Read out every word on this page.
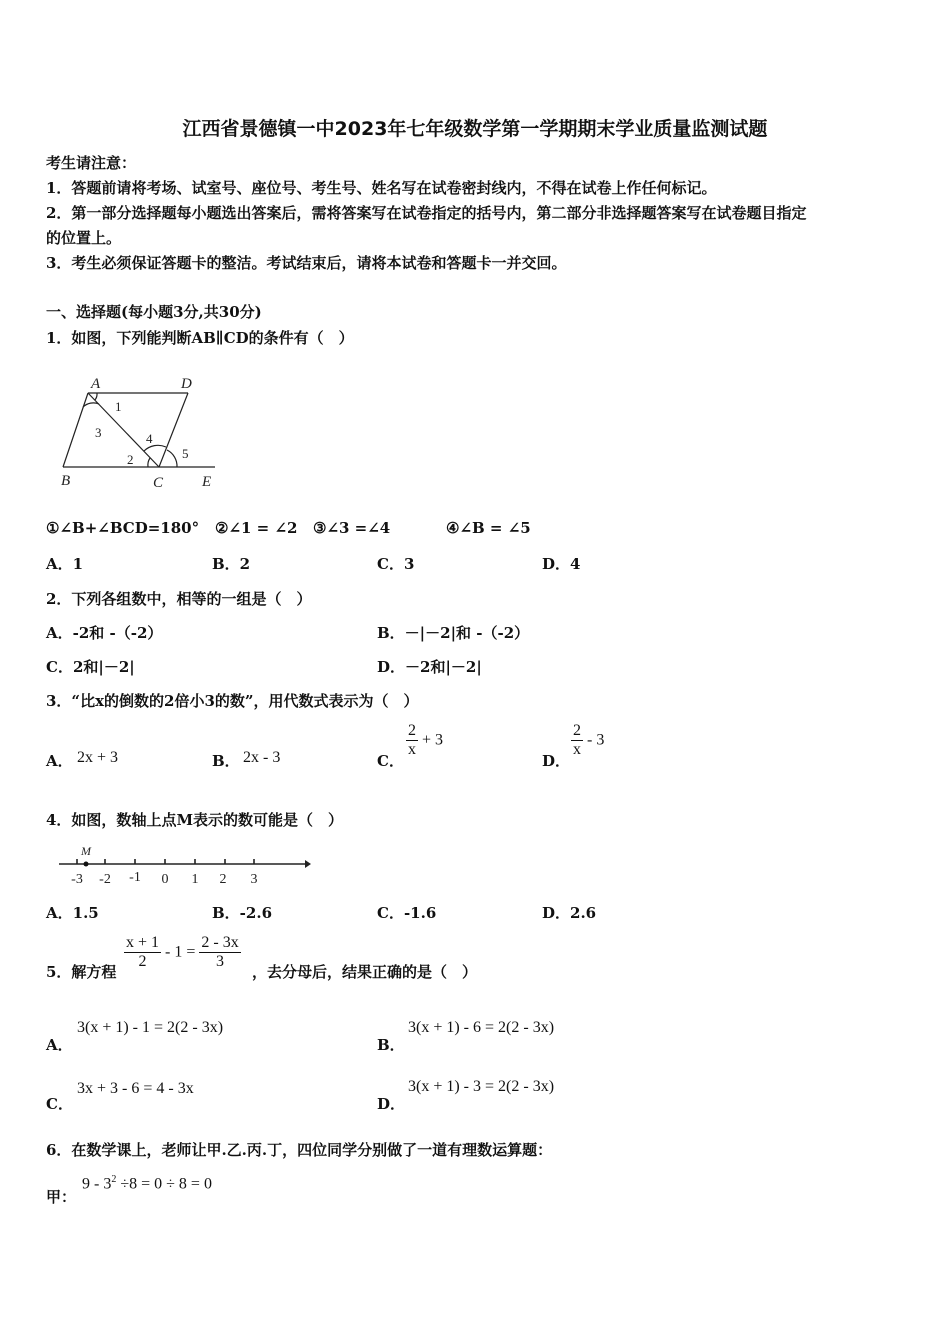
江西省景德镇一中2023年七年级数学第一学期期末学业质量监测试题
考生请注意：
1．答题前请将考场、试室号、座位号、考生号、姓名写在试卷密封线内，不得在试卷上作任何标记。
2．第一部分选择题每小题选出答案后，需将答案写在试卷指定的括号内，第二部分非选择题答案写在试卷题目指定
的位置上。
3．考生必须保证答题卡的整洁。考试结束后，请将本试卷和答题卡一并交回。
一、选择题(每小题3分,共30分)
1．如图，下列能判断AB∥CD的条件有（　）
A	D
B	C	E
1
3	4
2	5
①∠B+∠BCD=180° ②∠1 = ∠2 ③∠3 =∠4	④∠B = ∠5
A．1	B．2	C．3	D．4
2．下列各组数中，相等的一组是（　）
A．-2和 -（-2）	B．－|－2|和 -（-2）
C．2和|－2|	D．－2和|－2|
3．“比x的倒数的2倍小3的数”，用代数式表示为（　）
A． 2x + 3	B． 2x - 3	C．
$\frac{2}{x} + 3$
D．
$\frac{2}{x} - 3$
4．如图，数轴上点M表示的数可能是（　）
M
-3 -2 -1 0 1 2 3
A．1.5	B．-2.6	C．-1.6	D．2.6
5．解方程
$\frac{x + 1}{2} - 1 = \frac{2 - 3x}{3}$
，去分母后，结果正确的是（　）
A．
3(x + 1) - 1 = 2(2 - 3x)
B．
3(x + 1) - 6 = 2(2 - 3x)
C．
3x + 3 - 6 = 4 - 3x
D．
3(x + 1) - 3 = 2(2 - 3x)
6．在数学课上，老师让甲.乙.丙.丁，四位同学分别做了一道有理数运算题：
甲：
$9 - 3^2 \div 8 = 0 \div 8 = 0$
